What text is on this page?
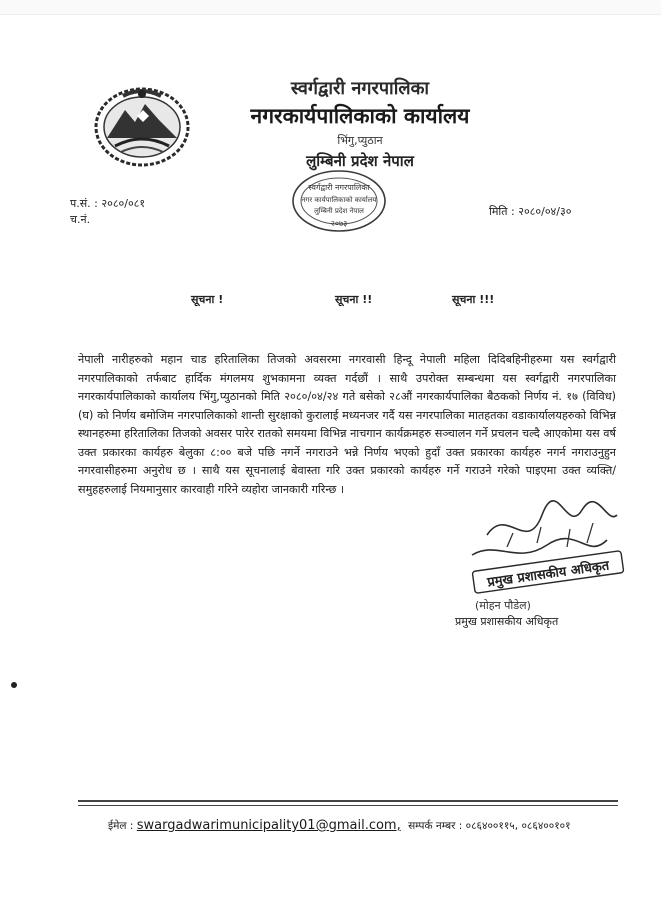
स्वर्गद्वारी नगरपालिका
नगरकार्यपालिकाको कार्यालय
भिंगु,प्युठान
लुम्बिनी प्रदेश नेपाल
स्वर्गद्वारी नगरपालिका
नगर कार्यपालिकाको कार्यालय
लुम्बिनी प्रदेश नेपाल
२०७३
प.सं. : २०८०/०८१
च.नं.
मिति : २०८०/०४/३०
सूचना !	सूचना !!	सूचना !!!
नेपाली नारीहरुको महान चाड हरितालिका तिजको अवसरमा नगरवासी हिन्दू नेपाली महिला दिदिबहिनीहरुमा यस स्वर्गद्वारी नगरपालिकाको तर्फबाट हार्दिक मंगलमय शुभकामना व्यक्त गर्दछौं । साथै उपरोक्त सम्बन्धमा यस स्वर्गद्वारी नगरपालिका नगरकार्यपालिकाको कार्यालय भिंगु,प्युठानको मिति २०८०/०४/२४ गते बसेको २८औं नगरकार्यपालिका बैठकको निर्णय नं. १७ (विविध) (घ) को निर्णय बमोजिम नगरपालिकाको शान्ती सुरक्षाको कुरालाई मध्यनजर गर्दै यस नगरपालिका मातहतका वडाकार्यालयहरुको विभिन्न स्थानहरुमा हरितालिका तिजको अवसर पारेर रातको समयमा विभिन्न नाचगान कार्यक्रमहरु सञ्चालन गर्ने प्रचलन चल्दै आएकोमा यस वर्ष उक्त प्रकारका कार्यहरु बेलुका ८:०० बजे पछि नगर्ने नगराउने भन्ने निर्णय भएको हुदाँ उक्त प्रकारका कार्यहरु नगर्न नगराउनुहुन नगरवासीहरुमा अनुरोध छ । साथै यस सूचनालाई बेवास्ता गरि उक्त प्रकारको कार्यहरु गर्ने गराउने गरेको पाइएमा उक्त व्यक्ति/समुहहरुलाई नियमानुसार कारवाही गरिने व्यहोरा जानकारी गरिन्छ ।
प्रमुख प्रशासकीय अधिकृत
(मोहन पौडेल)
प्रमुख प्रशासकीय अधिकृत
ईमेल : swargadwarimunicipality01@gmail.com, सम्पर्क नम्बर : ०८६४००११५, ०८६४००१०१
